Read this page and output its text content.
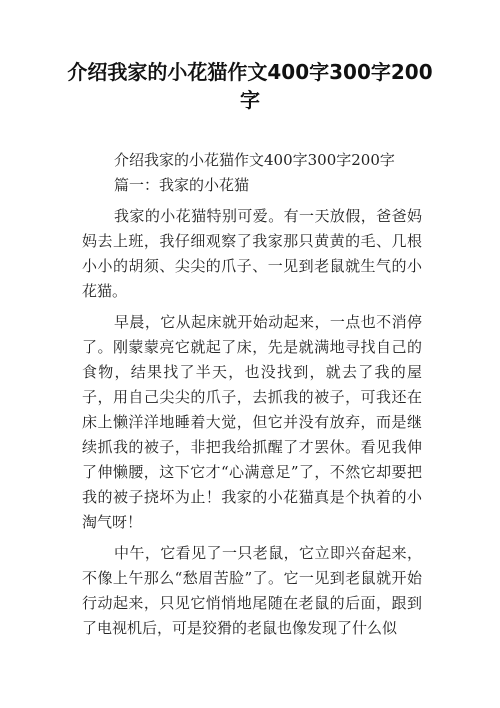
介绍我家的小花猫作文400字300字200字

介绍我家的小花猫作文400字300字200字

篇一：我家的小花猫

我家的小花猫特别可爱。有一天放假，爸爸妈妈去上班，我仔细观察了我家那只黄黄的毛、几根小小的胡须、尖尖的爪子、一见到老鼠就生气的小花猫。

早晨，它从起床就开始动起来，一点也不消停了。刚蒙蒙亮它就起了床，先是就满地寻找自己的食物，结果找了半天，也没找到，就去了我的屋子，用自己尖尖的爪子，去抓我的被子，可我还在床上懒洋洋地睡着大觉，但它并没有放弃，而是继续抓我的被子，非把我给抓醒了才罢休。看见我伸了伸懒腰，这下它才“心满意足”了，不然它却要把我的被子挠坏为止！我家的小花猫真是个执着的小淘气呀！

中午，它看见了一只老鼠，它立即兴奋起来，不像上午那么“愁眉苦脸”了。它一见到老鼠就开始行动起来，只见它悄悄地尾随在老鼠的后面，跟到了电视机后，可是狡猾的老鼠也像发现了什么似
